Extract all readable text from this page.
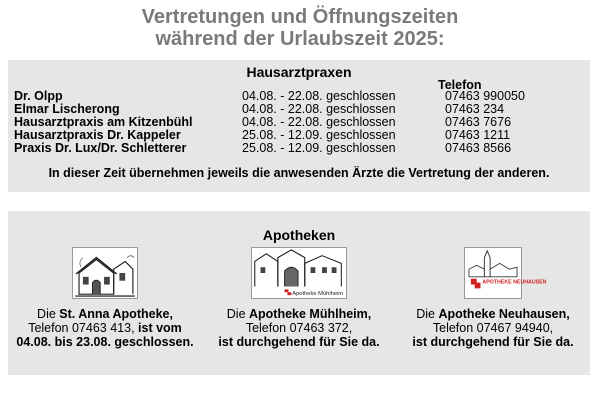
Vertretungen und Öffnungszeiten
während der Urlaubszeit 2025:
Hausarztpraxen
Telefon
Dr. Olpp	04.08. - 22.08. geschlossen	07463 990050
Elmar Lischerong	04.08. - 22.08. geschlossen	07463 234
Hausarztpraxis am Kitzenbühl	04.08. - 22.08. geschlossen	07463 7676
Hausarztpraxis Dr. Kappeler	25.08. - 12.09. geschlossen	07463 1211
Praxis Dr. Lux/Dr. Schletterer	25.08. - 12.09. geschlossen	07463 8566
In dieser Zeit übernehmen jeweils die anwesenden Ärzte die Vertretung der anderen.
Apotheken
Die St. Anna Apotheke,
Telefon 07463 413, ist vom
04.08. bis 23.08. geschlossen.
Apotheke Mühlheim
Die Apotheke Mühlheim,
Telefon 07463 372,
ist durchgehend für Sie da.
APOTHEKE NEUHAUSEN
Die Apotheke Neuhausen,
Telefon 07467 94940,
ist durchgehend für Sie da.
